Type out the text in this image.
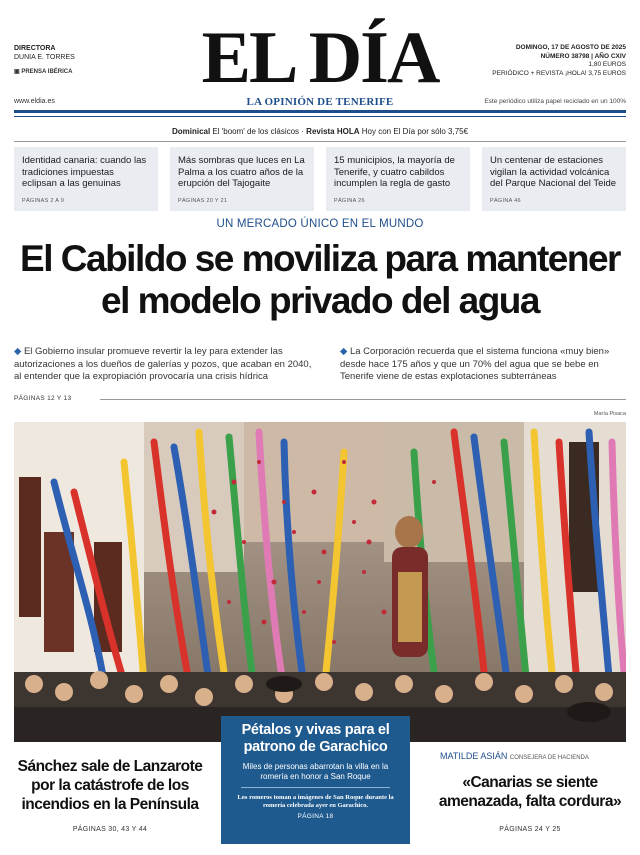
DIRECTORA
DUNIA E. TORRES
▣ PRENSA IBÉRICA
www.eldia.es
EL DÍA
LA OPINIÓN DE TENERIFE
DOMINGO, 17 DE AGOSTO DE 2025
NÚMERO 38798 | AÑO CXIV
1,80 EUROS
PERIÓDICO + REVISTA ¡HOLA! 3,75 EUROS
Este periódico utiliza papel reciclado en un 100%
Dominical El 'boom' de los clásicos · Revista HOLA Hoy con El Día por sólo 3,75€
Identidad canaria: cuando las tradiciones impuestas eclipsan a las genuinas
PÁGINAS 2 A 9
Más sombras que luces en La Palma a los cuatro años de la erupción del Tajogaite
PÁGINAS 20 Y 21
15 municipios, la mayoría de Tenerife, y cuatro cabildos incumplen la regla de gasto
PÁGINA 26
Un centenar de estaciones vigilan la actividad volcánica del Parque Nacional del Teide
PÁGINA 46
UN MERCADO ÚNICO EN EL MUNDO
El Cabildo se moviliza para mantener el modelo privado del agua
◆ El Gobierno insular promueve revertir la ley para extender las autorizaciones a los dueños de galerías y pozos, que acaban en 2040, al entender que la expropiación provocaría una crisis hídrica
◆ La Corporación recuerda que el sistema funciona «muy bien» desde hace 175 años y que un 70% del agua que se bebe en Tenerife viene de estas explotaciones subterráneas
PÁGINAS 12 Y 13
María Pisaca
Pétalos y vivas para el patrono de Garachico
Miles de personas abarrotan la villa en la romería en honor a San Roque
Los romeros toman a imágenes de San Roque durante la romería celebrada ayer en Garachico.
PÁGINA 18
Sánchez sale de Lanzarote por la catástrofe de los incendios en la Península
PÁGINAS 30, 43 Y 44
MATILDE ASIÁN CONSEJERA DE HACIENDA
«Canarias se siente amenazada, falta cordura»
PÁGINAS 24 Y 25
